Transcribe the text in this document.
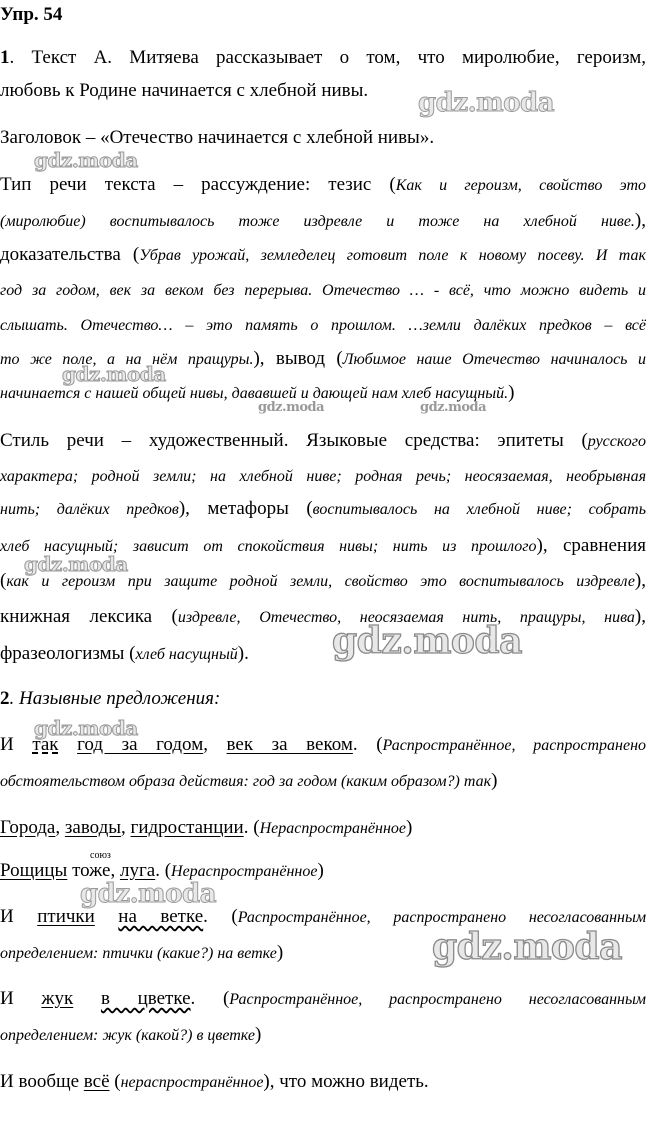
Упр. 54
1. Текст А. Митяева рассказывает о том, что миролюбие, героизм,
любовь к Родине начинается с хлебной нивы.
Заголовок – «Отечество начинается с хлебной нивы».
Тип речи текста – рассуждение: тезис (Как и героизм, свойство это
(миролюбие) воспитывалось тоже издревле и тоже на хлебной ниве.),
доказательства (Убрав урожай, земледелец готовит поле к новому посеву. И так
год за годом, век за веком без перерыва. Отечество … - всё, что можно видеть и
слышать. Отечество… – это память о прошлом. …земли далёких предков – всё
то же поле, а на нём пращуры.), вывод (Любимое наше Отечество начиналось и
начинается с нашей общей нивы, дававшей и дающей нам хлеб насущный.)
Стиль речи – художественный. Языковые средства: эпитеты (русского
характера; родной земли; на хлебной ниве; родная речь; неосязаемая, необрывная
нить; далёких предков), метафоры (воспитывалось на хлебной ниве; собрать
хлеб насущный; зависит от спокойствия нивы; нить из прошлого), сравнения
(как и героизм при защите родной земли, свойство это воспитывалось издревле),
книжная лексика (издревле, Отечество, неосязаемая нить, пращуры, нива),
фразеологизмы (хлеб насущный).
2. Назывные предложения:
И так год за годом, век за веком. (Распространённое, распространено
обстоятельством образа действия: год за годом (каким образом?) так)
Города, заводы, гидростанции. (Нераспространённое)
союз
Рощицы тоже, луга. (Нераспространённое)
И птички на ветке. (Распространённое, распространено несогласованным
определением: птички (какие?) на ветке)
И жук в цветке. (Распространённое, распространено несогласованным
определением: жук (какой?) в цветке)
И вообще всё (нераспространённое), что можно видеть.
gdz.moda
gdz.moda
gdz.moda
gdz.moda	gdz.moda
gdz.moda
gdz.moda
gdz.moda
gdz.moda
gdz.moda
